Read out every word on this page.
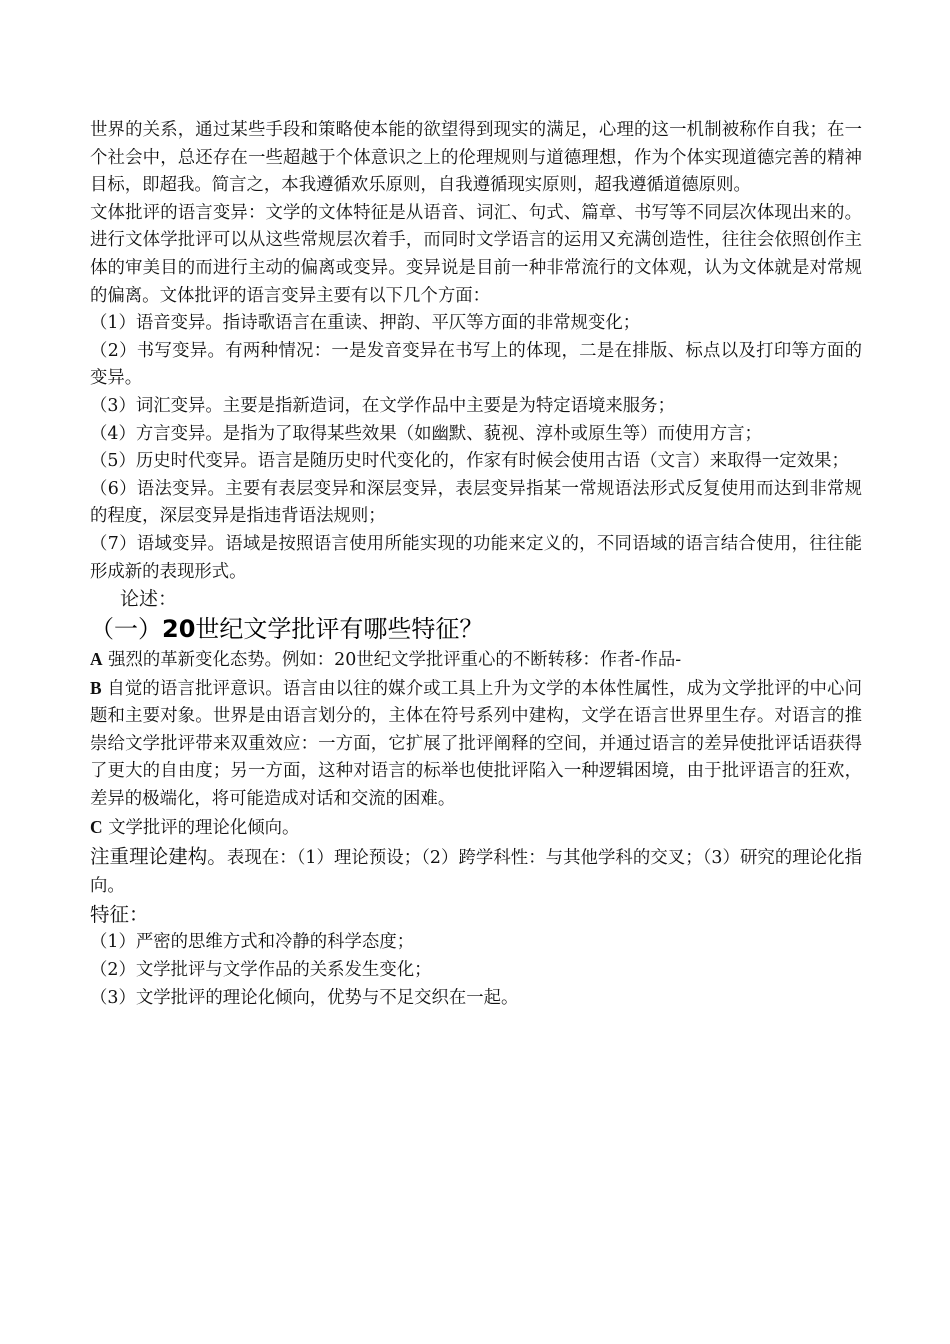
世界的关系，通过某些手段和策略使本能的欲望得到现实的满足，心理的这一机制被称作自我；在一个社会中，总还存在一些超越于个体意识之上的伦理规则与道德理想，作为个体实现道德完善的精神目标，即超我。简言之，本我遵循欢乐原则，自我遵循现实原则，超我遵循道德原则。

文体批评的语言变异：文学的文体特征是从语音、词汇、句式、篇章、书写等不同层次体现出来的。进行文体学批评可以从这些常规层次着手，而同时文学语言的运用又充满创造性，往往会依照创作主体的审美目的而进行主动的偏离或变异。变异说是目前一种非常流行的文体观，认为文体就是对常规的偏离。文体批评的语言变异主要有以下几个方面：

（1）语音变异。指诗歌语言在重读、押韵、平仄等方面的非常规变化；

（2）书写变异。有两种情况：一是发音变异在书写上的体现，二是在排版、标点以及打印等方面的变异。

（3）词汇变异。主要是指新造词，在文学作品中主要是为特定语境来服务；

（4）方言变异。是指为了取得某些效果（如幽默、藐视、淳朴或原生等）而使用方言；

（5）历史时代变异。语言是随历史时代变化的，作家有时候会使用古语（文言）来取得一定效果；

（6）语法变异。主要有表层变异和深层变异，表层变异指某一常规语法形式反复使用而达到非常规的程度，深层变异是指违背语法规则；

（7）语域变异。语域是按照语言使用所能实现的功能来定义的，不同语域的语言结合使用，往往能形成新的表现形式。

论述：

（一）20世纪文学批评有哪些特征？

A 强烈的革新变化态势。例如：20世纪文学批评重心的不断转移：作者-作品-

B 自觉的语言批评意识。语言由以往的媒介或工具上升为文学的本体性属性，成为文学批评的中心问题和主要对象。世界是由语言划分的，主体在符号系列中建构，文学在语言世界里生存。对语言的推崇给文学批评带来双重效应：一方面，它扩展了批评阐释的空间，并通过语言的差异使批评话语获得了更大的自由度；另一方面，这种对语言的标举也使批评陷入一种逻辑困境，由于批评语言的狂欢，差异的极端化，将可能造成对话和交流的困难。

C 文学批评的理论化倾向。

注重理论建构。表现在：（1）理论预设；（2）跨学科性：与其他学科的交叉；（3）研究的理论化指向。

特征：

（1）严密的思维方式和冷静的科学态度；

（2）文学批评与文学作品的关系发生变化；

（3）文学批评的理论化倾向，优势与不足交织在一起。
